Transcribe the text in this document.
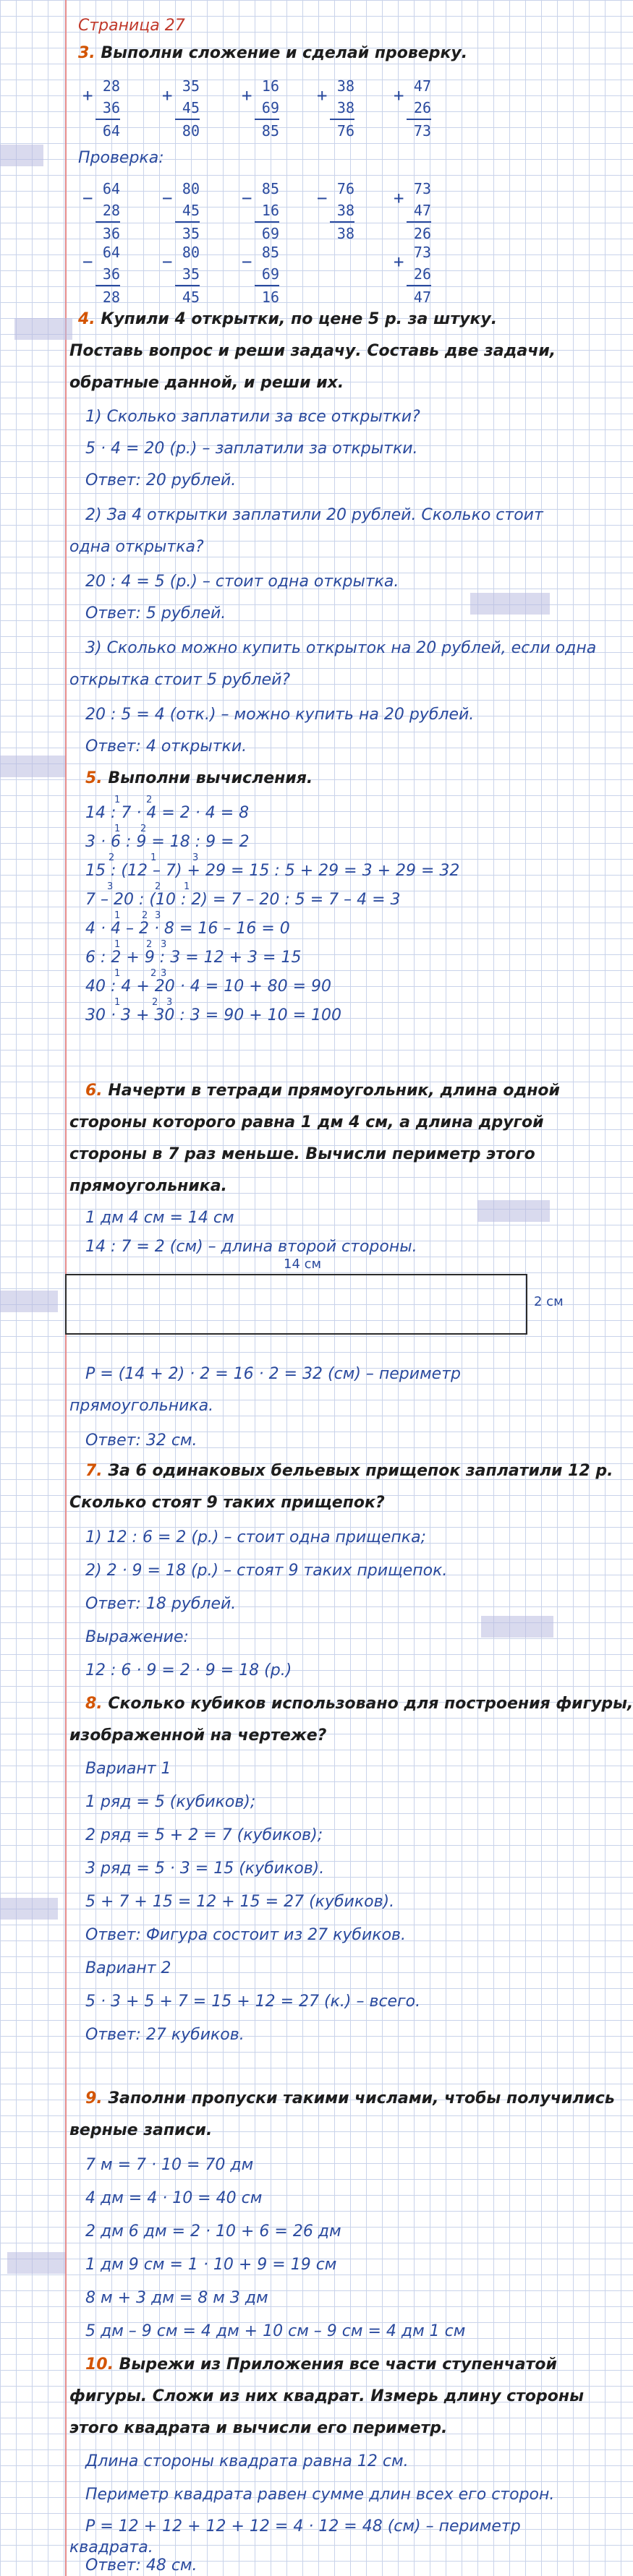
Страница 27
3. Выполни сложение и сделай проверку.
+ 28
36
64
+ 35
45
80
+ 16
69
85
+ 38
38
76
+ 47
26
73
Проверка:
− 64
28
36
− 80
45
35
− 85
16
69
− 76
38
38
+ 73
47
26
− 64
36
28
− 80
35
45
− 85
69
16
+ 73
26
47
4. Купили 4 открытки, по цене 5 р. за штуку.
Поставь вопрос и реши задачу. Составь две задачи,
обратные данной, и реши их.
1) Сколько заплатили за все открытки?
5 · 4 = 20 (р.) – заплатили за открытки.
Ответ: 20 рублей.
2) За 4 открытки заплатили 20 рублей. Сколько стоит
одна открытка?
20 : 4 = 5 (р.) – стоит одна открытка.
Ответ: 5 рублей.
3) Сколько можно купить открыток на 20 рублей, если одна
открытка стоит 5 рублей?
20 : 5 = 4 (отк.) – можно купить на 20 рублей.
Ответ: 4 открытки.
5. Выполни вычисления.
14 : 7 · 4 = 2 · 4 = 8
1	2
3 · 6 : 9 = 18 : 9 = 2
1 2
15 : (12 – 7) + 29 = 15 : 5 + 29 = 3 + 29 = 32
2	1	3
7 – 20 : (10 : 2) = 7 – 20 : 5 = 7 – 4 = 3
3	2 1
4 · 4 – 2 · 8 = 16 – 16 = 0
1	3
2
6 : 2 + 9 : 3 = 12 + 3 = 15
1	3
2
40 : 4 + 20 · 4 = 10 + 80 = 90
1	3
2
30 · 3 + 30 : 3 = 90 + 10 = 100
1	3
2
6. Начерти в тетради прямоугольник, длина одной
стороны которого равна 1 дм 4 см, а длина другой
стороны в 7 раз меньше. Вычисли периметр этого
прямоугольника.
1 дм 4 см = 14 см
14 : 7 = 2 (см) – длина второй стороны.
14 см
2 см
P = (14 + 2) · 2 = 16 · 2 = 32 (см) – периметр
прямоугольника.
Ответ: 32 см.
7. За 6 одинаковых бельевых прищепок заплатили 12 р.
Сколько стоят 9 таких прищепок?
1) 12 : 6 = 2 (р.) – стоит одна прищепка;
2) 2 · 9 = 18 (р.) – стоят 9 таких прищепок.
Ответ: 18 рублей.
Выражение:
12 : 6 · 9 = 2 · 9 = 18 (р.)
8. Сколько кубиков использовано для построения фигуры,
изображенной на чертеже?
Вариант 1
1 ряд = 5 (кубиков);
2 ряд = 5 + 2 = 7 (кубиков);
3 ряд = 5 · 3 = 15 (кубиков).
5 + 7 + 15 = 12 + 15 = 27 (кубиков).
Ответ: Фигура состоит из 27 кубиков.
Вариант 2
5 · 3 + 5 + 7 = 15 + 12 = 27 (к.) – всего.
Ответ: 27 кубиков.
9. Заполни пропуски такими числами, чтобы получились
верные записи.
7 м = 7 · 10 = 70 дм
4 дм = 4 · 10 = 40 см
2 дм 6 дм = 2 · 10 + 6 = 26 дм
1 дм 9 см = 1 · 10 + 9 = 19 см
8 м + 3 дм = 8 м 3 дм
5 дм – 9 см = 4 дм + 10 см – 9 см = 4 дм 1 см
10. Вырежи из Приложения все части ступенчатой
фигуры. Сложи из них квадрат. Измерь длину стороны
этого квадрата и вычисли его периметр.
Длина стороны квадрата равна 12 см.
Периметр квадрата равен сумме длин всех его сторон.
P = 12 + 12 + 12 + 12 = 4 · 12 = 48 (см) – периметр
квадрата.
Ответ: 48 см.
